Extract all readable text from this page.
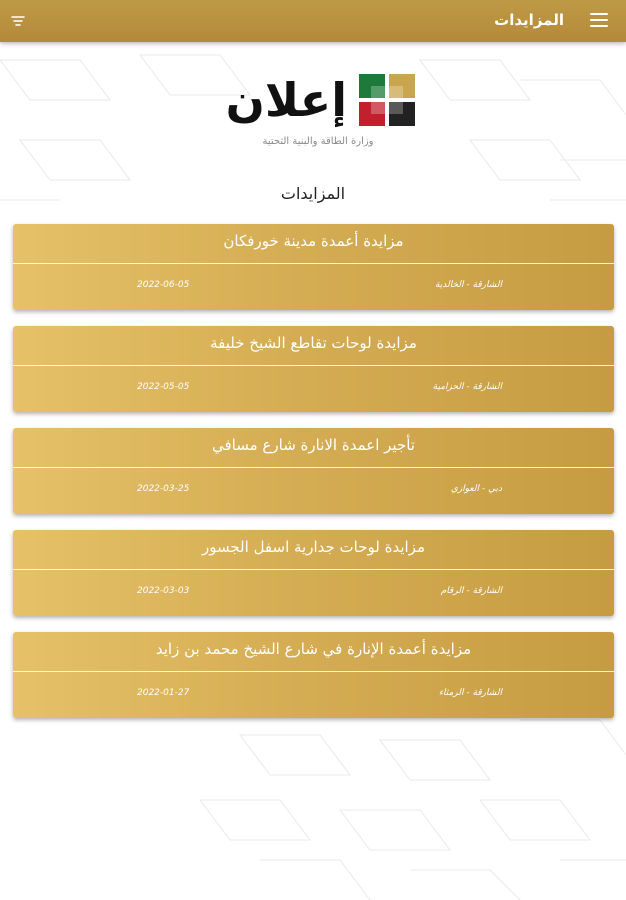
المزايدات
إعلان
وزارة الطاقة والبنية التحتية
المزايدات
مزايدة أعمدة مدينة خورفكان
الشارقة - الخالدية
2022-06-05
مزايدة لوحات تقاطع الشيخ خليفة
الشارقة - الحزامية
2022-05-05
تأجير اعمدة الانارة شارع مسافي
دبي - العوازي
2022-03-25
مزايدة لوحات جدارية اسفل الجسور
الشارقة - الرقام
2022-03-03
مزايدة أعمدة الإنارة في شارع الشيخ محمد بن زايد
الشارقة - الرمثاء
2022-01-27
